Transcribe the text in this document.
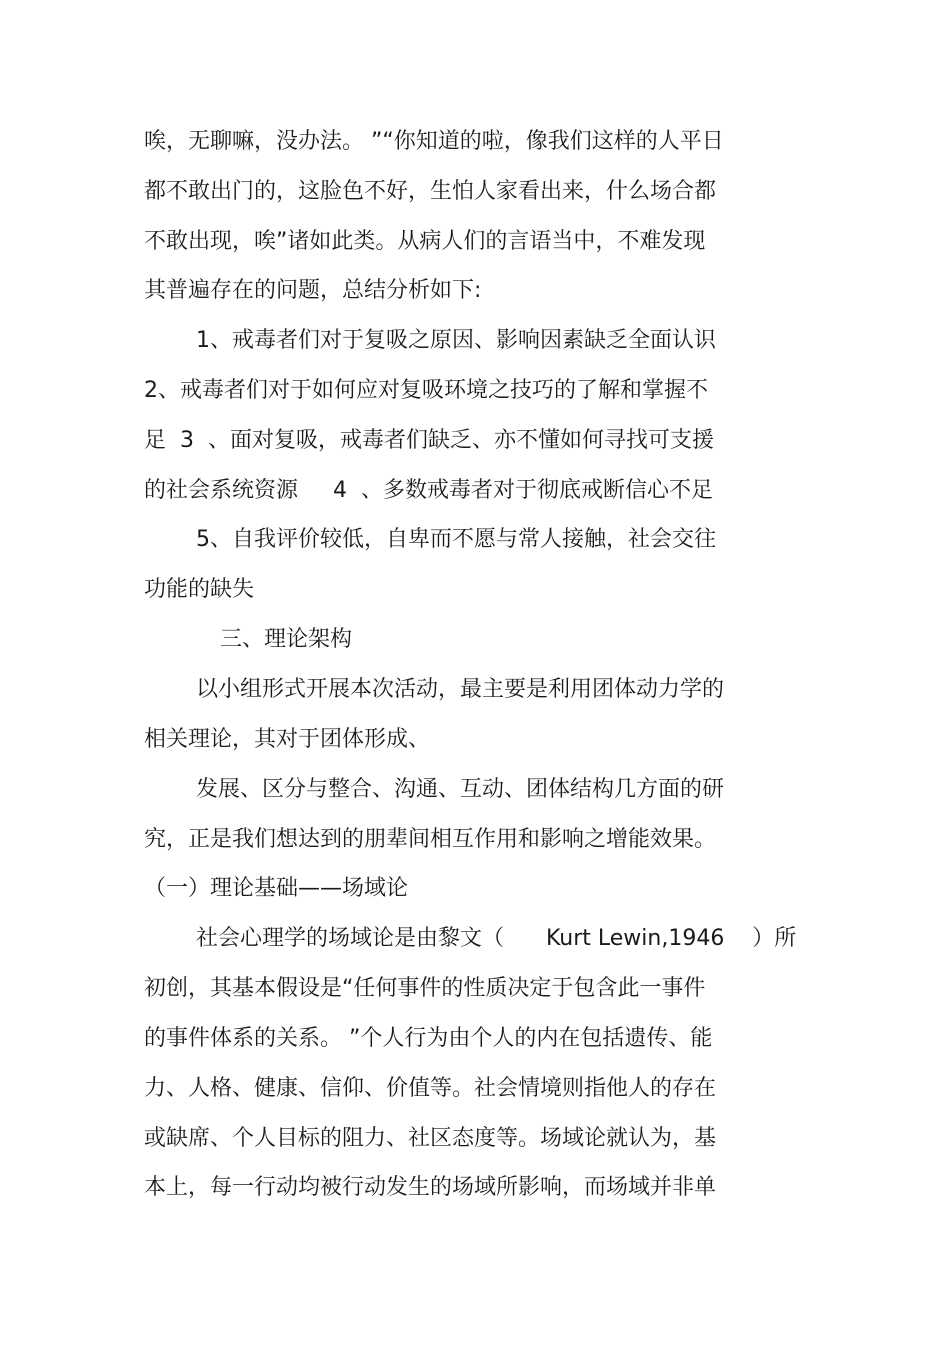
唉，无聊嘛，没办法。 ”“你知道的啦，像我们这样的人平日
都不敢出门的，这脸色不好，生怕人家看出来，什么场合都
不敢出现，唉”诸如此类。从病人们的言语当中，不难发现
其普遍存在的问题，总结分析如下:
1、戒毒者们对于复吸之原因、影响因素缺乏全面认识
2、戒毒者们对于如何应对复吸环境之技巧的了解和掌握不
足  3  、面对复吸，戒毒者们缺乏、亦不懂如何寻找可支援
的社会系统资源     4  、多数戒毒者对于彻底戒断信心不足
5、自我评价较低，自卑而不愿与常人接触，社会交往
功能的缺失
三、理论架构
以小组形式开展本次活动，最主要是利用团体动力学的
相关理论，其对于团体形成、
发展、区分与整合、沟通、互动、团体结构几方面的研
究，正是我们想达到的朋辈间相互作用和影响之增能效果。
（一）理论基础——场域论
社会心理学的场域论是由黎文（      Kurt Lewin,1946    ）所
初创，其基本假设是“任何事件的性质决定于包含此一事件
的事件体系的关系。 ”个人行为由个人的内在包括遗传、能
力、人格、健康、信仰、价值等。社会情境则指他人的存在
或缺席、个人目标的阻力、社区态度等。场域论就认为，基
本上，每一行动均被行动发生的场域所影响，而场域并非单
